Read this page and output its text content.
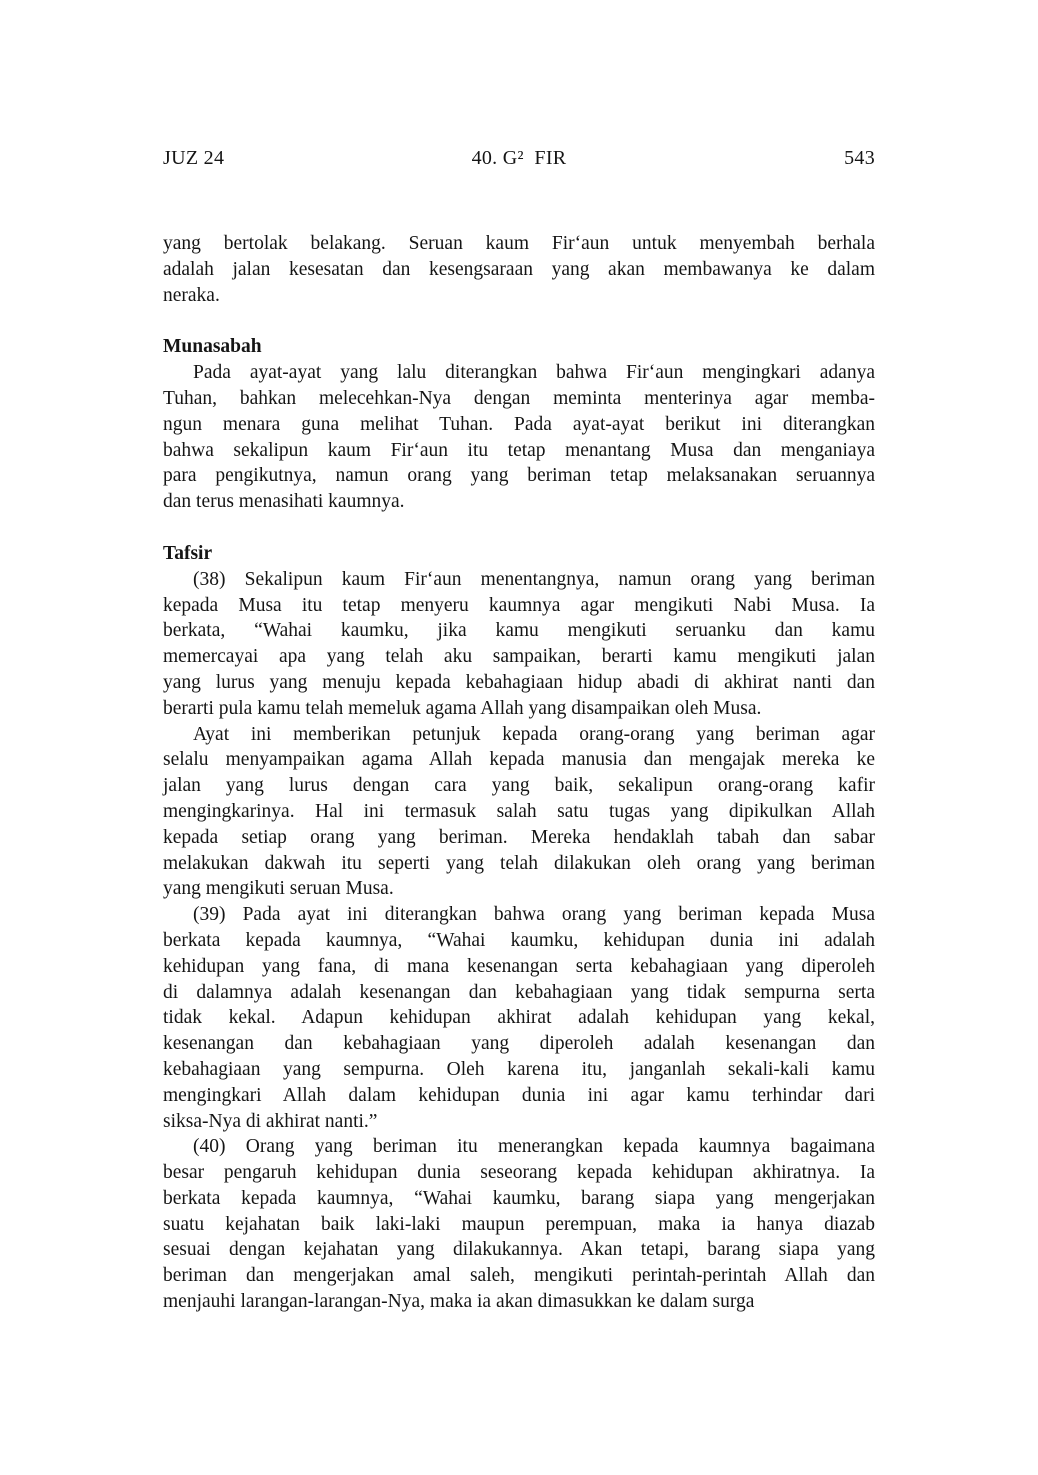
JUZ 24	40. G²  FIR	543
yang bertolak belakang. Seruan kaum Fir‘aun untuk menyembah berhala
adalah jalan kesesatan dan kesengsaraan yang akan membawanya ke dalam
neraka.
Munasabah
Pada ayat-ayat yang lalu diterangkan bahwa Fir‘aun mengingkari adanya
Tuhan, bahkan melecehkan-Nya dengan meminta menterinya agar memba-
ngun menara guna melihat Tuhan. Pada ayat-ayat berikut ini diterangkan
bahwa sekalipun kaum Fir‘aun itu tetap menantang Musa dan menganiaya
para pengikutnya, namun orang yang beriman tetap melaksanakan seruannya
dan terus menasihati kaumnya.
Tafsir
(38) Sekalipun kaum Fir‘aun menentangnya, namun orang yang beriman
kepada Musa itu tetap menyeru kaumnya agar mengikuti Nabi Musa. Ia
berkata, “Wahai kaumku, jika kamu mengikuti seruanku dan kamu
memercayai apa yang telah aku sampaikan, berarti kamu mengikuti jalan
yang lurus yang menuju kepada kebahagiaan hidup abadi di akhirat nanti dan
berarti pula kamu telah memeluk agama Allah yang disampaikan oleh Musa.
Ayat ini memberikan petunjuk kepada orang-orang yang beriman agar
selalu menyampaikan agama Allah kepada manusia dan mengajak mereka ke
jalan yang lurus dengan cara yang baik, sekalipun orang-orang kafir
mengingkarinya. Hal ini termasuk salah satu tugas yang dipikulkan Allah
kepada setiap orang yang beriman. Mereka hendaklah tabah dan sabar
melakukan dakwah itu seperti yang telah dilakukan oleh orang yang beriman
yang mengikuti seruan Musa.
(39) Pada ayat ini diterangkan bahwa orang yang beriman kepada Musa
berkata kepada kaumnya, “Wahai kaumku, kehidupan dunia ini adalah
kehidupan yang fana, di mana kesenangan serta kebahagiaan yang diperoleh
di dalamnya adalah kesenangan dan kebahagiaan yang tidak sempurna serta
tidak kekal. Adapun kehidupan akhirat adalah kehidupan yang kekal,
kesenangan dan kebahagiaan yang diperoleh adalah kesenangan dan
kebahagiaan yang sempurna. Oleh karena itu, janganlah sekali-kali kamu
mengingkari Allah dalam kehidupan dunia ini agar kamu terhindar dari
siksa-Nya di akhirat nanti.”
(40) Orang yang beriman itu menerangkan kepada kaumnya bagaimana
besar pengaruh kehidupan dunia seseorang kepada kehidupan akhiratnya. Ia
berkata kepada kaumnya, “Wahai kaumku, barang siapa yang mengerjakan
suatu kejahatan baik laki-laki maupun perempuan, maka ia hanya diazab
sesuai dengan kejahatan yang dilakukannya. Akan tetapi, barang siapa yang
beriman dan mengerjakan amal saleh, mengikuti perintah-perintah Allah dan
menjauhi larangan-larangan-Nya, maka ia akan dimasukkan ke dalam surga
